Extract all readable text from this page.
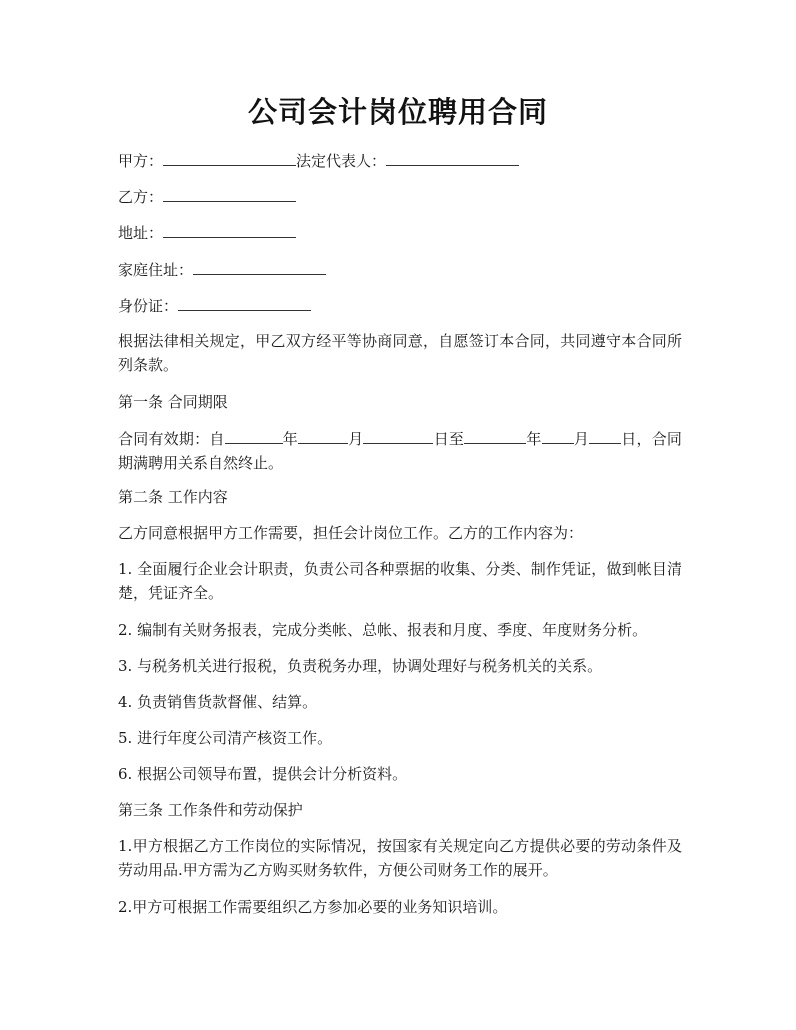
公司会计岗位聘用合同
甲方：	法定代表人：
乙方：
地址：
家庭住址：
身份证：
根据法律相关规定，甲乙双方经平等协商同意，自愿签订本合同，共同遵守本合同所列条款。
第一条 合同期限
合同有效期：自	年	月	日至	年 月 日，合同期满聘用关系自然终止。
第二条 工作内容
乙方同意根据甲方工作需要，担任会计岗位工作。乙方的工作内容为：
1. 全面履行企业会计职责，负责公司各种票据的收集、分类、制作凭证，做到帐目清楚，凭证齐全。
2. 编制有关财务报表，完成分类帐、总帐、报表和月度、季度、年度财务分析。
3. 与税务机关进行报税，负责税务办理，协调处理好与税务机关的关系。
4. 负责销售货款督催、结算。
5. 进行年度公司清产核资工作。
6. 根据公司领导布置，提供会计分析资料。
第三条 工作条件和劳动保护
1.甲方根据乙方工作岗位的实际情况，按国家有关规定向乙方提供必要的劳动条件及劳动用品.甲方需为乙方购买财务软件，方便公司财务工作的展开。
2.甲方可根据工作需要组织乙方参加必要的业务知识培训。
